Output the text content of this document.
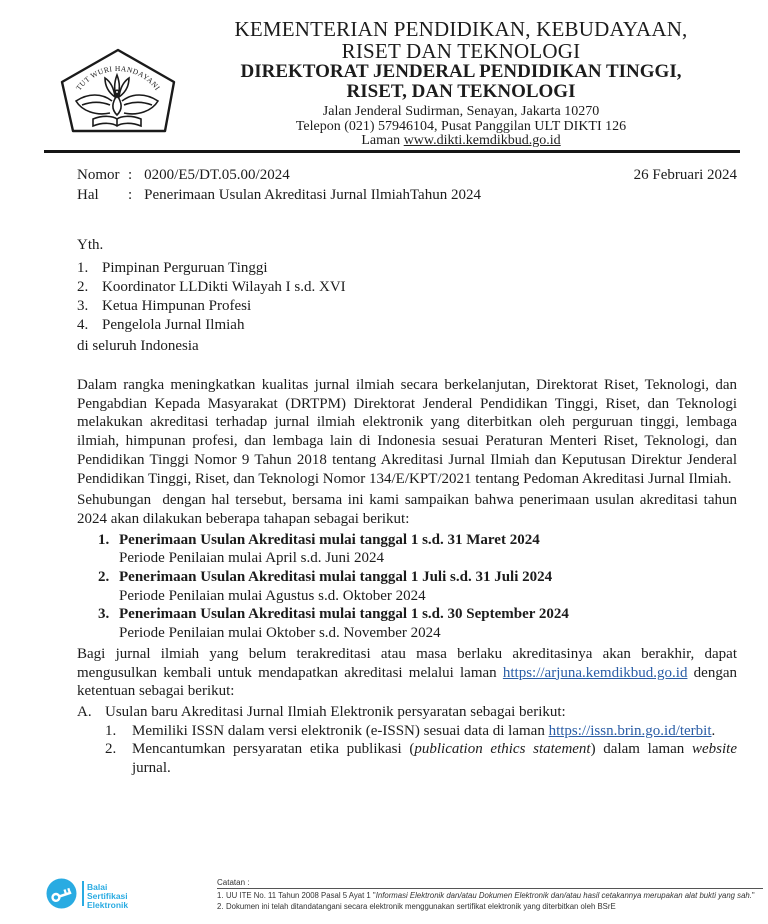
TUT WURI HANDAYANI
KEMENTERIAN PENDIDIKAN, KEBUDAYAAN,
RISET DAN TEKNOLOGI
DIREKTORAT JENDERAL PENDIDIKAN TINGGI,
RISET, DAN TEKNOLOGI
Jalan Jenderal Sudirman, Senayan, Jakarta 10270
Telepon (021) 57946104, Pusat Panggilan ULT DIKTI 126
Laman www.dikti.kemdikbud.go.id
Nomor : 0200/E5/DT.05.00/2024	26 Februari 2024
Hal	: Penerimaan Usulan Akreditasi Jurnal IlmiahTahun 2024
Yth.
1. Pimpinan Perguruan Tinggi
2. Koordinator LLDikti Wilayah I s.d. XVI
3. Ketua Himpunan Profesi
4. Pengelola Jurnal Ilmiah
di seluruh Indonesia
Dalam rangka meningkatkan kualitas jurnal ilmiah secara berkelanjutan, Direktorat Riset, Teknologi, dan Pengabdian Kepada Masyarakat (DRTPM) Direktorat Jenderal Pendidikan Tinggi, Riset, dan Teknologi melakukan akreditasi terhadap jurnal ilmiah elektronik yang diterbitkan oleh perguruan tinggi, lembaga ilmiah, himpunan profesi, dan lembaga lain di Indonesia sesuai Peraturan Menteri Riset, Teknologi, dan Pendidikan Tinggi Nomor 9 Tahun 2018 tentang Akreditasi Jurnal Ilmiah dan Keputusan Direktur Jenderal Pendidikan Tinggi, Riset, dan Teknologi Nomor 134/E/KPT/2021 tentang Pedoman Akreditasi Jurnal Ilmiah.
Sehubungan  dengan hal tersebut, bersama ini kami sampaikan bahwa penerimaan usulan akreditasi tahun 2024 akan dilakukan beberapa tahapan sebagai berikut:
1. Penerimaan Usulan Akreditasi mulai tanggal 1 s.d. 31 Maret 2024
Periode Penilaian mulai April s.d. Juni 2024
2. Penerimaan Usulan Akreditasi mulai tanggal 1 Juli s.d. 31 Juli 2024
Periode Penilaian mulai Agustus s.d. Oktober 2024
3. Penerimaan Usulan Akreditasi mulai tanggal 1 s.d. 30 September 2024
Periode Penilaian mulai Oktober s.d. November 2024
Bagi jurnal ilmiah yang belum terakreditasi atau masa berlaku akreditasinya akan berakhir, dapat mengusulkan kembali untuk mendapatkan akreditasi melalui laman https://arjuna.kemdikbud.go.id dengan ketentuan sebagai berikut:
A. Usulan baru Akreditasi Jurnal Ilmiah Elektronik persyaratan sebagai berikut:
1.	Memiliki ISSN dalam versi elektronik (e-ISSN) sesuai data di laman https://issn.brin.go.id/terbit.
2.	Mencantumkan persyaratan etika publikasi (publication ethics statement) dalam laman website jurnal.
Balai
Sertifikasi
Elektronik
Catatan :
1. UU ITE No. 11 Tahun 2008 Pasal 5 Ayat 1 "Informasi Elektronik dan/atau Dokumen Elektronik dan/atau hasil cetakannya merupakan alat bukti yang sah."
2. Dokumen ini telah ditandatangani secara elektronik menggunakan sertifikat elektronik yang diterbitkan oleh BSrE
